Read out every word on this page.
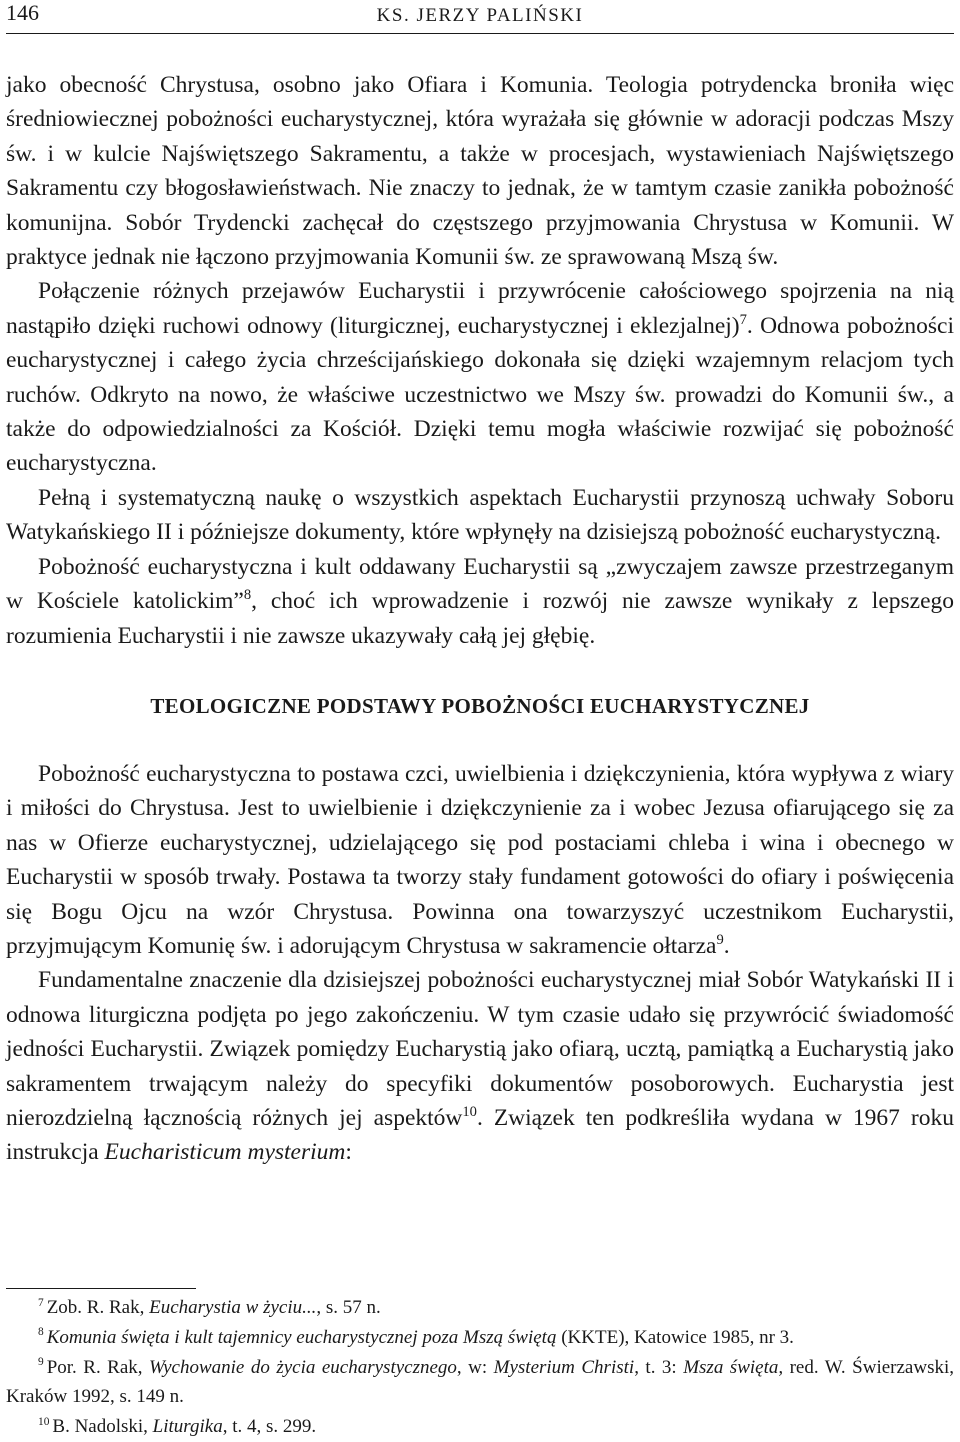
146	KS. JERZY PALIŃSKI

jako obecność Chrystusa, osobno jako Ofiara i Komunia. Teologia potrydencka broniła więc średniowiecznej pobożności eucharystycznej, która wyrażała się głównie w adoracji podczas Mszy św. i w kulcie Najświętszego Sakramentu, a także w procesjach, wystawieniach Najświętszego Sakramentu czy błogosławieństwach. Nie znaczy to jednak, że w tamtym czasie zanikła pobożność komunijna. Sobór Trydencki zachęcał do częstszego przyjmowania Chrystusa w Komunii. W praktyce jednak nie łączono przyjmowania Komunii św. ze sprawowaną Mszą św.

Połączenie różnych przejawów Eucharystii i przywrócenie całościowego spojrzenia na nią nastąpiło dzięki ruchowi odnowy (liturgicznej, eucharystycznej i eklezjalnej)$^7$. Odnowa pobożności eucharystycznej i całego życia chrześcijańskiego dokonała się dzięki wzajemnym relacjom tych ruchów. Odkryto na nowo, że właściwe uczestnictwo we Mszy św. prowadzi do Komunii św., a także do odpowiedzialności za Kościół. Dzięki temu mogła właściwie rozwijać się pobożność eucharystyczna.

Pełną i systematyczną naukę o wszystkich aspektach Eucharystii przynoszą uchwały Soboru Watykańskiego II i późniejsze dokumenty, które wpłynęły na dzisiejszą pobożność eucharystyczną.

Pobożność eucharystyczna i kult oddawany Eucharystii są „zwyczajem zawsze przestrzeganym w Kościele katolickim”$^8$, choć ich wprowadzenie i rozwój nie zawsze wynikały z lepszego rozumienia Eucharystii i nie zawsze ukazywały całą jej głębię.

TEOLOGICZNE PODSTAWY POBOŻNOŚCI EUCHARYSTYCZNEJ

Pobożność eucharystyczna to postawa czci, uwielbienia i dziękczynienia, która wypływa z wiary i miłości do Chrystusa. Jest to uwielbienie i dziękczynienie za i wobec Jezusa ofiarującego się za nas w Ofierze eucharystycznej, udzielającego się pod postaciami chleba i wina i obecnego w Eucharystii w sposób trwały. Postawa ta tworzy stały fundament gotowości do ofiary i poświęcenia się Bogu Ojcu na wzór Chrystusa. Powinna ona towarzyszyć uczestnikom Eucharystii, przyjmującym Komunię św. i adorującym Chrystusa w sakramencie ołtarza$^9$.

Fundamentalne znaczenie dla dzisiejszej pobożności eucharystycznej miał Sobór Watykański II i odnowa liturgiczna podjęta po jego zakończeniu. W tym czasie udało się przywrócić świadomość jedności Eucharystii. Związek pomiędzy Eucharystią jako ofiarą, ucztą, pamiątką a Eucharystią jako sakramentem trwającym należy do specyfiki dokumentów posoborowych. Eucharystia jest nierozdzielną łącznością różnych jej aspektów$^{10}$. Związek ten podkreśliła wydana w 1967 roku instrukcja Eucharisticum mysterium:

$^7$ Zob. R. Rak, Eucharystia w życiu..., s. 57 n.

$^8$ Komunia święta i kult tajemnicy eucharystycznej poza Mszą świętą (KKTE), Katowice 1985, nr 3.

$^9$ Por. R. Rak, Wychowanie do życia eucharystycznego, w: Mysterium Christi, t. 3: Msza święta, red. W. Świerzawski, Kraków 1992, s. 149 n.

$^{10}$ B. Nadolski, Liturgika, t. 4, s. 299.
